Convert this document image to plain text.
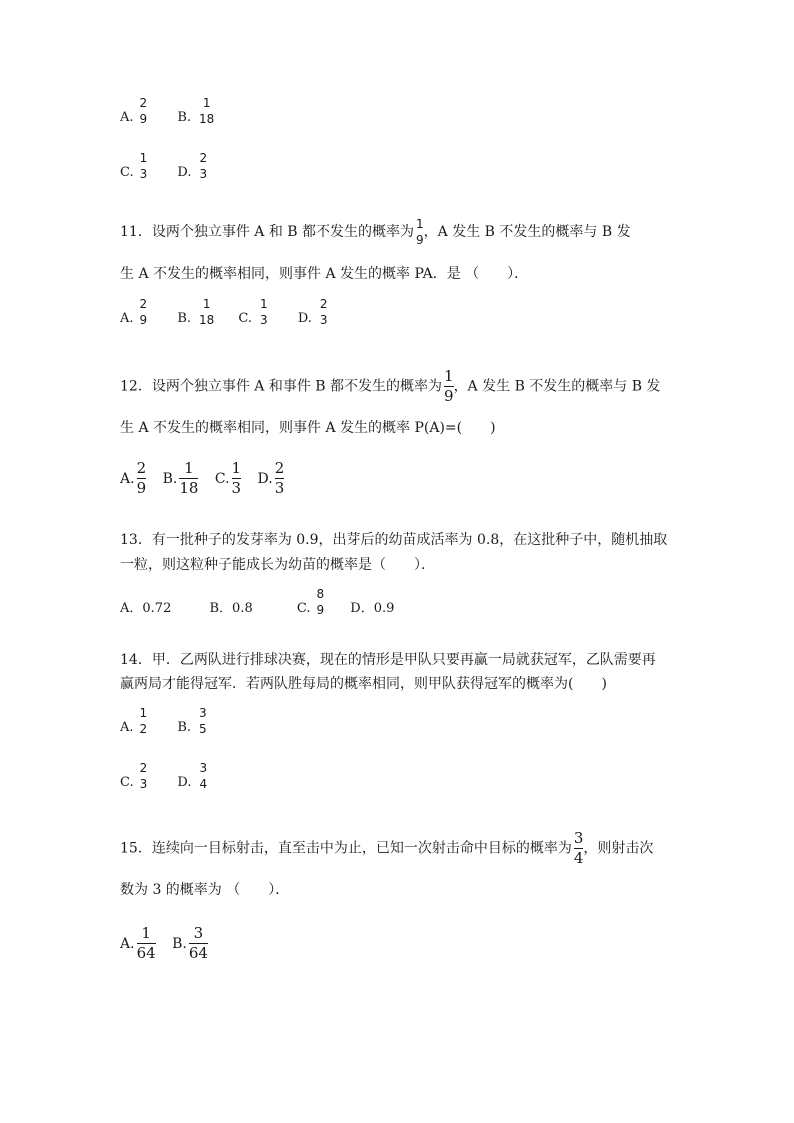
A.
2
9
B.
1
18
C.
1
3
D.
2
3
11．设两个独立事件 A 和 B 都不发生的概率为 1
9 ，A 发生 B 不发生的概率与 B 发
生 A 不发生的概率相同，则事件 A 发生的概率 PA．是 （　　）．
A.
2
9
B.
1
18
C.
1
3
D.
2
3
12．设两个独立事件 A 和事件 B 都不发生的概率为 $\frac{1}{9}$ ，A 发生 B 不发生的概率与 B 发
生 A 不发生的概率相同，则事件 A 发生的概率 P(A)=(　　)
A. $\frac{2}{9} B$. $\frac{1}{18} C$. $\frac{1}{3} D$. $\frac{2}{3}$
13．有一批种子的发芽率为 0.9，出芽后的幼苗成活率为 0.8，在这批种子中，随机抽取
一粒，则这粒种子能成长为幼苗的概率是（　　）．
A．0.72
	B．0.8
	C.
8
9
D．0.9
14．甲．乙两队进行排球决赛，现在的情形是甲队只要再赢一局就获冠军，乙队需要再
赢两局才能得冠军．若两队胜每局的概率相同，则甲队获得冠军的概率为(　　)
A.
1
2
B.
3
5
C.
2
3
D.
3
4
15．连续向一目标射击，直至击中为止，已知一次射击命中目标的概率为 $\frac{3}{4}$ ，则射击次
数为 3 的概率为 （　　）．
A. $\frac{1}{64} B$. $\frac{3}{64}$
